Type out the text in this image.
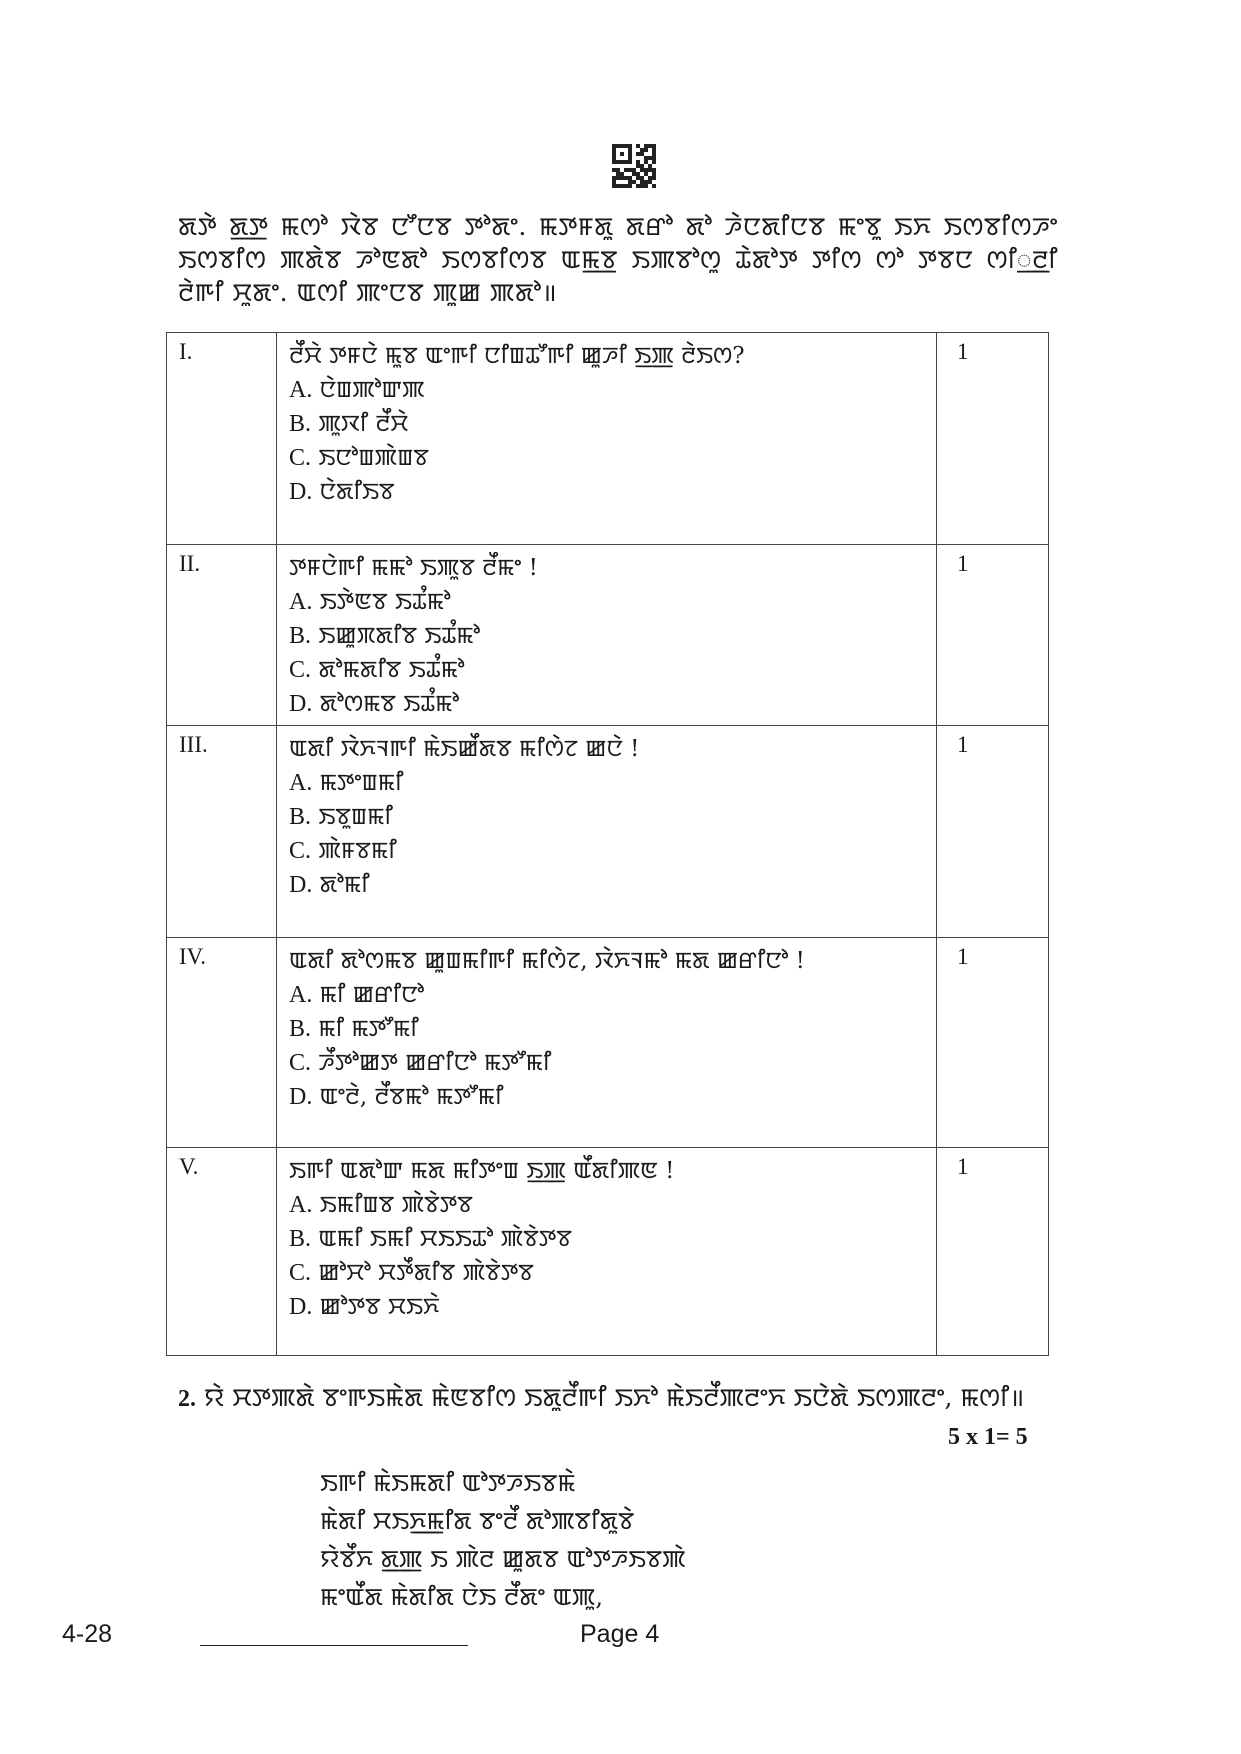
ꯗꯇꯥ ꯗ꯭ꯇ ꯃꯁꯣ ꯋꯥꯕ ꯅꯧꯅꯕ ꯇꯣꯗꯦ. ꯃꯇꯝꯗꯨ ꯗꯔꯣ ꯗꯣ ꯍꯥꯅꯗꯤꯅꯕ ꯃꯦꯕꯨ ꯏꯈ ꯏꯁꯕꯤꯁꯍꯦ ꯏꯁꯕꯤꯁ ꯄꯗꯥꯕ ꯍꯣꯟꯗꯣ ꯏꯁꯕꯤꯁꯕ ꯑꯃ꯭ꯕ ꯏꯄꯕꯣꯁꯨ ꯊꯥꯗꯣꯇ ꯇꯤꯁ ꯁꯣ ꯇꯕꯅ ꯁꯤ꯭ꯂꯤ ꯂꯥꯒꯤ ꯆꯨꯗꯦ. ꯑꯁꯤ ꯄꯦꯅꯕ ꯄꯨꯀ ꯄꯗꯣ॥
I.	ꯂꯩꯆꯥ ꯇꯝꯅꯥ ꯃꯨꯕ ꯑꯦꯒꯤ ꯅꯤꯡꯊꯧꯒꯤ ꯀꯨꯍꯤ ꯏ꯭ꯄ꯭ ꯂꯥꯏꯁ?
A. ꯅꯥꯡꯄꯣꯛꯄ
B. ꯄꯨꯋꯤ ꯂꯩꯆꯥ
C. ꯏꯅꯣꯡꯄꯥꯡꯕ
D. ꯅꯥꯗꯤꯏꯕ	1
II.	ꯇꯝꯅꯥꯒꯤ ꯃꯃꯣ ꯏꯄꯨꯕ ꯂꯩꯃꯦ !
A. ꯏꯇꯥꯟꯕ ꯏꯊꯪꯃꯣ
B. ꯏꯀꯨꯞꯗꯤꯕ ꯏꯊꯪꯃꯣ
C. ꯗꯣꯃꯗꯤꯕ ꯏꯊꯪꯃꯣ
D. ꯗꯣꯁꯃꯕ ꯏꯊꯪꯃꯣ	1
III.	ꯑꯗꯤ ꯋꯥꯈꯜꯒꯤ ꯃꯥꯏꯀꯩꯗꯕ ꯃꯤꯁꯥꯖ ꯀꯅꯥ !
A. ꯃꯇꯦꯡꯃꯤ
B. ꯏꯕꯨꯡꯃꯤ
C. ꯄꯥꯝꯕꯃꯤ
D. ꯗꯣꯃꯤ	1
IV.	ꯑꯗꯤ ꯗꯣꯁꯃꯕ ꯀꯨꯡꯃꯤꯒꯤ ꯃꯤꯁꯥꯖ, ꯋꯥꯈꯜꯃꯣ ꯃꯗ ꯀꯔꯤꯅꯣ !
A. ꯃꯤ ꯀꯔꯤꯅꯣ
B. ꯃꯤ ꯃꯇꯧꯃꯤ
C. ꯍꯩꯇꯣꯀꯇ ꯀꯔꯤꯅꯣ ꯃꯇꯧꯃꯤ
D. ꯑꯦꯂꯥ, ꯂꯩꯕꯃꯣ ꯃꯇꯧꯃꯤ	1
V.	ꯏꯒꯤ ꯑꯗꯣꯛ ꯃꯗ ꯃꯤꯇꯦꯡ ꯏ꯭ꯄ꯭ ꯑꯩꯗꯤꯄꯟ !
A. ꯏꯃꯤꯡꯕ ꯄꯥꯕꯥꯇꯕ
B. ꯑꯃꯤ ꯏꯃꯤ ꯆꯏꯏꯊꯣ ꯄꯥꯕꯥꯇꯕ
C. ꯀꯣꯆꯣ ꯆꯇꯩꯗꯤꯕ ꯄꯥꯕꯥꯇꯕ
D. ꯀꯣꯇꯕ ꯆꯏꯈꯥ	1
2. ꯌꯥ ꯆꯇꯄꯗꯥ ꯕꯦꯒꯏꯃꯥꯗ ꯃꯥꯟꯕꯤꯁ ꯏꯗꯨꯂꯩꯒꯤ ꯏꯈꯣ ꯃꯥꯏꯂꯩꯄꯂꯦꯈ ꯏꯅꯥꯗꯥ ꯏꯁꯄꯂꯦ, ꯃꯁꯤ॥
5 x 1= 5
ꯏꯒꯤ ꯃꯥꯏꯃꯗꯤ ꯑꯣꯇꯍꯏꯕꯃꯥ
ꯃꯥꯗꯤ ꯆꯏꯈ꯭ꯃꯤꯗ ꯕꯦꯂꯩ ꯗꯣꯄꯕꯤꯗꯨꯕꯥ
ꯌꯥꯕꯩꯈ ꯗ꯭ꯄ ꯏ ꯄꯥꯂ ꯀꯨꯗꯕ ꯑꯣꯇꯍꯏꯕꯄꯥ
ꯃꯦꯑꯩꯗ ꯃꯥꯗꯤꯗ ꯅꯥꯏ ꯂꯩꯗꯦ ꯑꯄꯨ,
4-28	Page 4
